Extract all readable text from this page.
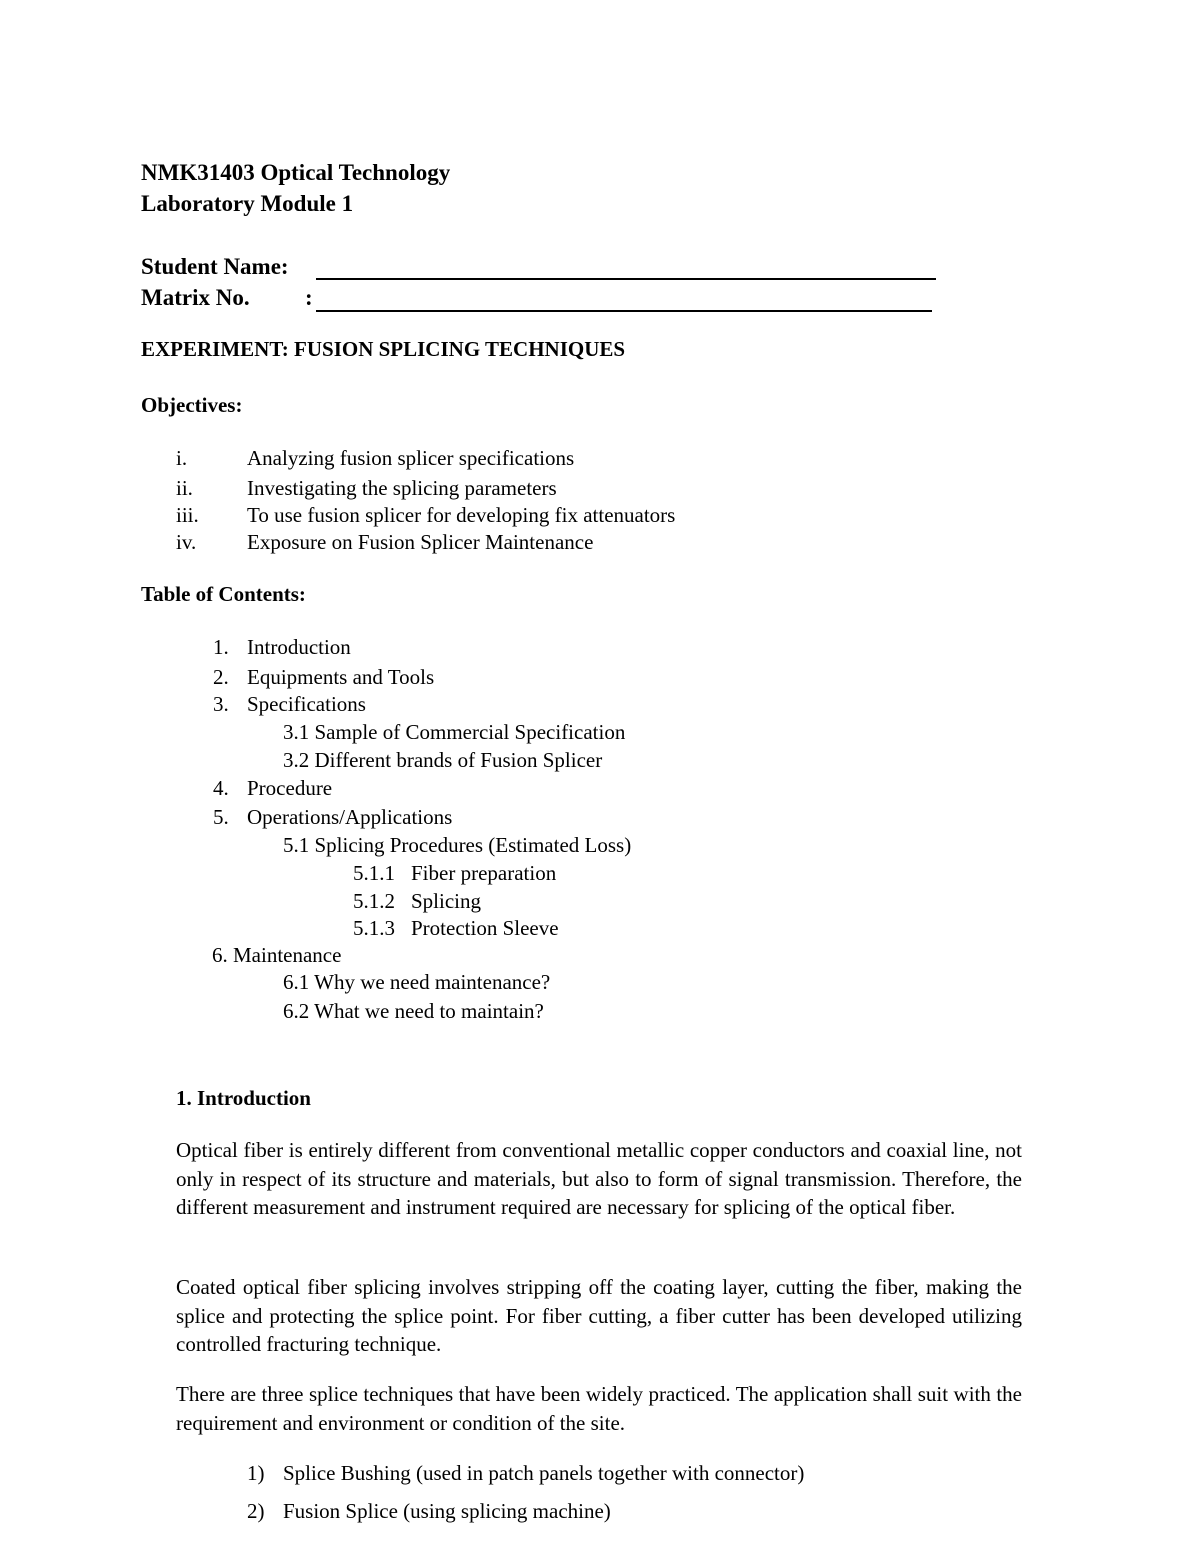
NMK31403 Optical Technology
Laboratory Module 1
Student Name:
Matrix No. :
EXPERIMENT: FUSION SPLICING TECHNIQUES
Objectives:
i.	Analyzing fusion splicer specifications
ii.	Investigating the splicing parameters
iii. To use fusion splicer for developing fix attenuators
iv. Exposure on Fusion Splicer Maintenance
Table of Contents:
1. Introduction
2. Equipments and Tools
3. Specifications
3.1 Sample of Commercial Specification
3.2 Different brands of Fusion Splicer
4. Procedure
5. Operations/Applications
5.1 Splicing Procedures (Estimated Loss)
5.1.1 Fiber preparation
5.1.2 Splicing
5.1.3 Protection Sleeve
6. Maintenance
6.1 Why we need maintenance?
6.2 What we need to maintain?
1. Introduction

Optical fiber is entirely different from conventional metallic copper conductors and coaxial line, not only in respect of its structure and materials, but also to form of signal transmission. Therefore, the different measurement and instrument required are necessary for splicing of the optical fiber.

Coated optical fiber splicing involves stripping off the coating layer, cutting the fiber, making the splice and protecting the splice point. For fiber cutting, a fiber cutter has been developed utilizing controlled fracturing technique.

There are three splice techniques that have been widely practiced. The application shall suit with the requirement and environment or condition of the site.

1) Splice Bushing (used in patch panels together with connector)
2) Fusion Splice (using splicing machine)
